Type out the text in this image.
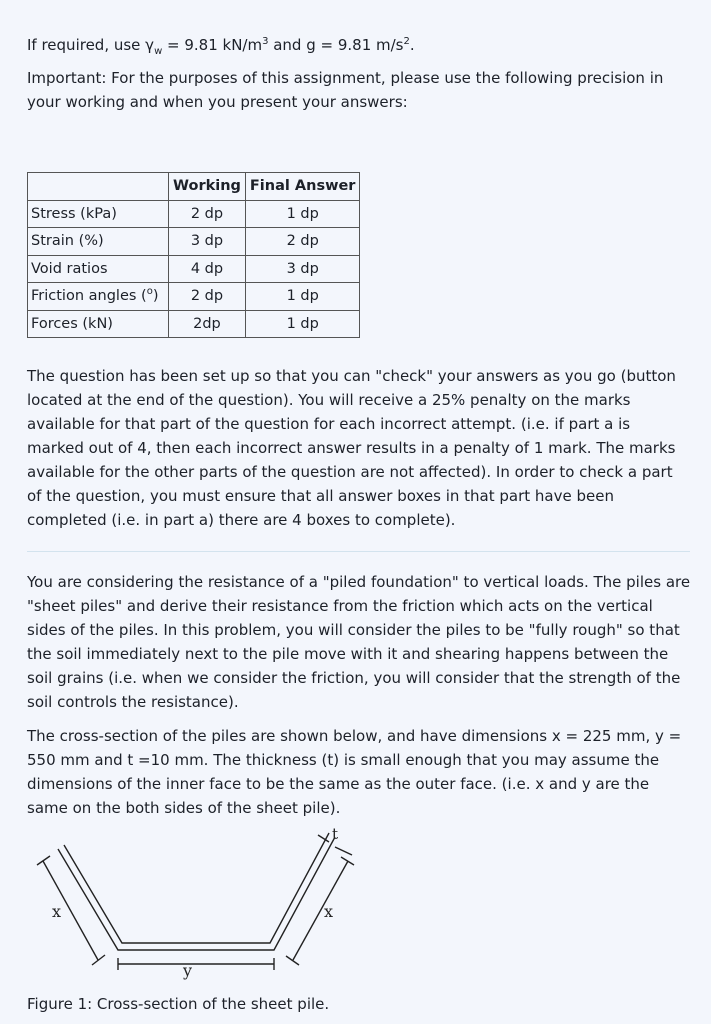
If required, use $\gamma_w = 9.81$ $kN/m^3$ and g = 9.81 $m/s^2$.

Important: For the purposes of this assignment, please use the following precision in your working and when you present your answers:

	Working	Final Answer
Stress (kPa)	2 dp	1 dp
Strain (%)	3 dp	2 dp
Void ratios	4 dp	3 dp
Friction angles ($^o$)	2 dp	1 dp
Forces (kN)	2dp	1 dp

The question has been set up so that you can "check" your answers as you go (button located at the end of the question). You will receive a 25% penalty on the marks available for that part of the question for each incorrect attempt. (i.e. if part a is marked out of 4, then each incorrect answer results in a penalty of 1 mark. The marks available for the other parts of the question are not affected). In order to check a part of the question, you must ensure that all answer boxes in that part have been completed (i.e. in part a) there are 4 boxes to complete).

You are considering the resistance of a "piled foundation" to vertical loads. The piles are "sheet piles" and derive their resistance from the friction which acts on the vertical sides of the piles. In this problem, you will consider the piles to be "fully rough" so that the soil immediately next to the pile move with it and shearing happens between the soil grains (i.e. when we consider the friction, you will consider that the strength of the soil controls the resistance).

The cross-section of the piles are shown below, and have dimensions x = 225 mm, y = 550 mm and t =10 mm. The thickness (t) is small enough that you may assume the dimensions of the inner face to be the same as the outer face. (i.e. x and y are the same on the both sides of the sheet pile).

x
y
x
t

Figure 1: Cross-section of the sheet pile.
